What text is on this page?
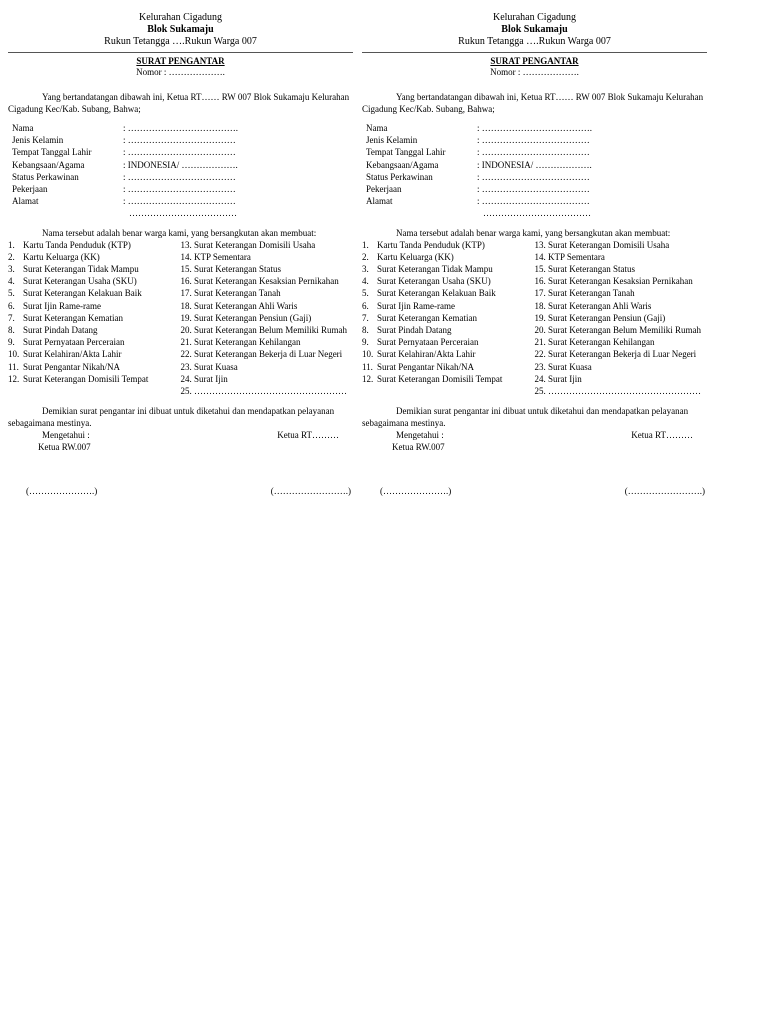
Kelurahan Cigadung
Blok Sukamaju
Rukun Tetangga ….Rukun Warga 007
SURAT PENGANTAR
Nomor : ……………….
Yang bertandatangan dibawah ini, Ketua RT…… RW 007 Blok Sukamaju Kelurahan Cigadung Kec/Kab. Subang, Bahwa;
Nama	: ……………………………….
Jenis Kelamin	: ………………………………
Tempat Tanggal Lahir	: ………………………………
Kebangsaan/Agama	: INDONESIA/ ……………….
Status Perkawinan	: ………………………………
Pekerjaan	: ………………………………
Alamat	: ………………………………
………………………………
Nama tersebut adalah benar warga kami, yang bersangkutan akan membuat:
1. Kartu Tanda Penduduk (KTP)
2. Kartu Keluarga (KK)
3. Surat Keterangan Tidak Mampu
4. Surat Keterangan Usaha (SKU)
5. Surat Keterangan Kelakuan Baik
6. Surat Ijin Rame-rame
7. Surat Keterangan Kematian
8. Surat Pindah Datang
9. Surat Pernyataan Perceraian
10. Surat Kelahiran/Akta Lahir
11. Surat Pengantar Nikah/NA
12. Surat Keterangan Domisili Tempat
13. Surat Keterangan Domisili Usaha
14. KTP Sementara
15. Surat Keterangan Status
16. Surat Keterangan Kesaksian Pernikahan
17. Surat Keterangan Tanah
18. Surat Keterangan Ahli Waris
19. Surat Keterangan Pensiun (Gaji)
20. Surat Keterangan Belum Memiliki Rumah
21. Surat Keterangan Kehilangan
22. Surat Keterangan Bekerja di Luar Negeri
23. Surat Kuasa
24. Surat Ijin
25. ……………………………………………
Demikian surat pengantar ini dibuat untuk diketahui dan mendapatkan pelayanan sebagaimana mestinya.
Mengetahui :
Ketua RW.007
Ketua RT………
(………………….)	(…………………….)
Kelurahan Cigadung
Blok Sukamaju
Rukun Tetangga ….Rukun Warga 007
SURAT PENGANTAR
Nomor : ……………….
Yang bertandatangan dibawah ini, Ketua RT…… RW 007 Blok Sukamaju Kelurahan Cigadung Kec/Kab. Subang, Bahwa;
Nama	: ……………………………….
Jenis Kelamin	: ………………………………
Tempat Tanggal Lahir	: ………………………………
Kebangsaan/Agama	: INDONESIA/ ……………….
Status Perkawinan	: ………………………………
Pekerjaan	: ………………………………
Alamat	: ………………………………
………………………………
Nama tersebut adalah benar warga kami, yang bersangkutan akan membuat:
1. Kartu Tanda Penduduk (KTP)
2. Kartu Keluarga (KK)
3. Surat Keterangan Tidak Mampu
4. Surat Keterangan Usaha (SKU)
5. Surat Keterangan Kelakuan Baik
6. Surat Ijin Rame-rame
7. Surat Keterangan Kematian
8. Surat Pindah Datang
9. Surat Pernyataan Perceraian
10. Surat Kelahiran/Akta Lahir
11. Surat Pengantar Nikah/NA
12. Surat Keterangan Domisili Tempat
13. Surat Keterangan Domisili Usaha
14. KTP Sementara
15. Surat Keterangan Status
16. Surat Keterangan Kesaksian Pernikahan
17. Surat Keterangan Tanah
18. Surat Keterangan Ahli Waris
19. Surat Keterangan Pensiun (Gaji)
20. Surat Keterangan Belum Memiliki Rumah
21. Surat Keterangan Kehilangan
22. Surat Keterangan Bekerja di Luar Negeri
23. Surat Kuasa
24. Surat Ijin
25. ……………………………………………
Demikian surat pengantar ini dibuat untuk diketahui dan mendapatkan pelayanan sebagaimana mestinya.
Mengetahui :
Ketua RW.007
Ketua RT………
(………………….)	(…………………….)
